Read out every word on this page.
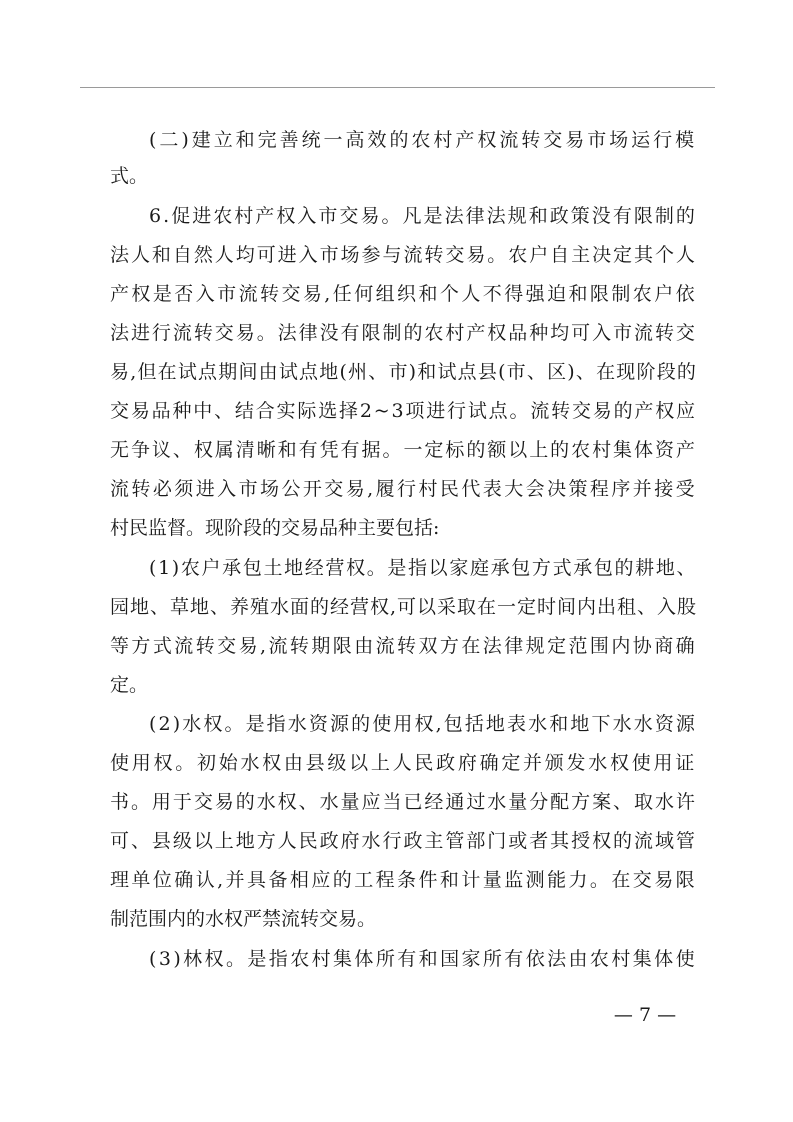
(二)建立和完善统一高效的农村产权流转交易市场运行模
式。
6.促进农村产权入市交易。凡是法律法规和政策没有限制的
法人和自然人均可进入市场参与流转交易。农户自主决定其个人
产权是否入市流转交易,任何组织和个人不得强迫和限制农户依
法进行流转交易。法律没有限制的农村产权品种均可入市流转交
易,但在试点期间由试点地(州、市)和试点县(市、区)、在现阶段的
交易品种中、结合实际选择2~3项进行试点。流转交易的产权应
无争议、权属清晰和有凭有据。一定标的额以上的农村集体资产
流转必须进入市场公开交易,履行村民代表大会决策程序并接受
村民监督。现阶段的交易品种主要包括:
(1)农户承包土地经营权。是指以家庭承包方式承包的耕地、
园地、草地、养殖水面的经营权,可以采取在一定时间内出租、入股
等方式流转交易,流转期限由流转双方在法律规定范围内协商确
定。
(2)水权。是指水资源的使用权,包括地表水和地下水水资源
使用权。初始水权由县级以上人民政府确定并颁发水权使用证
书。用于交易的水权、水量应当已经通过水量分配方案、取水许
可、县级以上地方人民政府水行政主管部门或者其授权的流域管
理单位确认,并具备相应的工程条件和计量监测能力。在交易限
制范围内的水权严禁流转交易。
(3)林权。是指农村集体所有和国家所有依法由农村集体使
— 7 —
